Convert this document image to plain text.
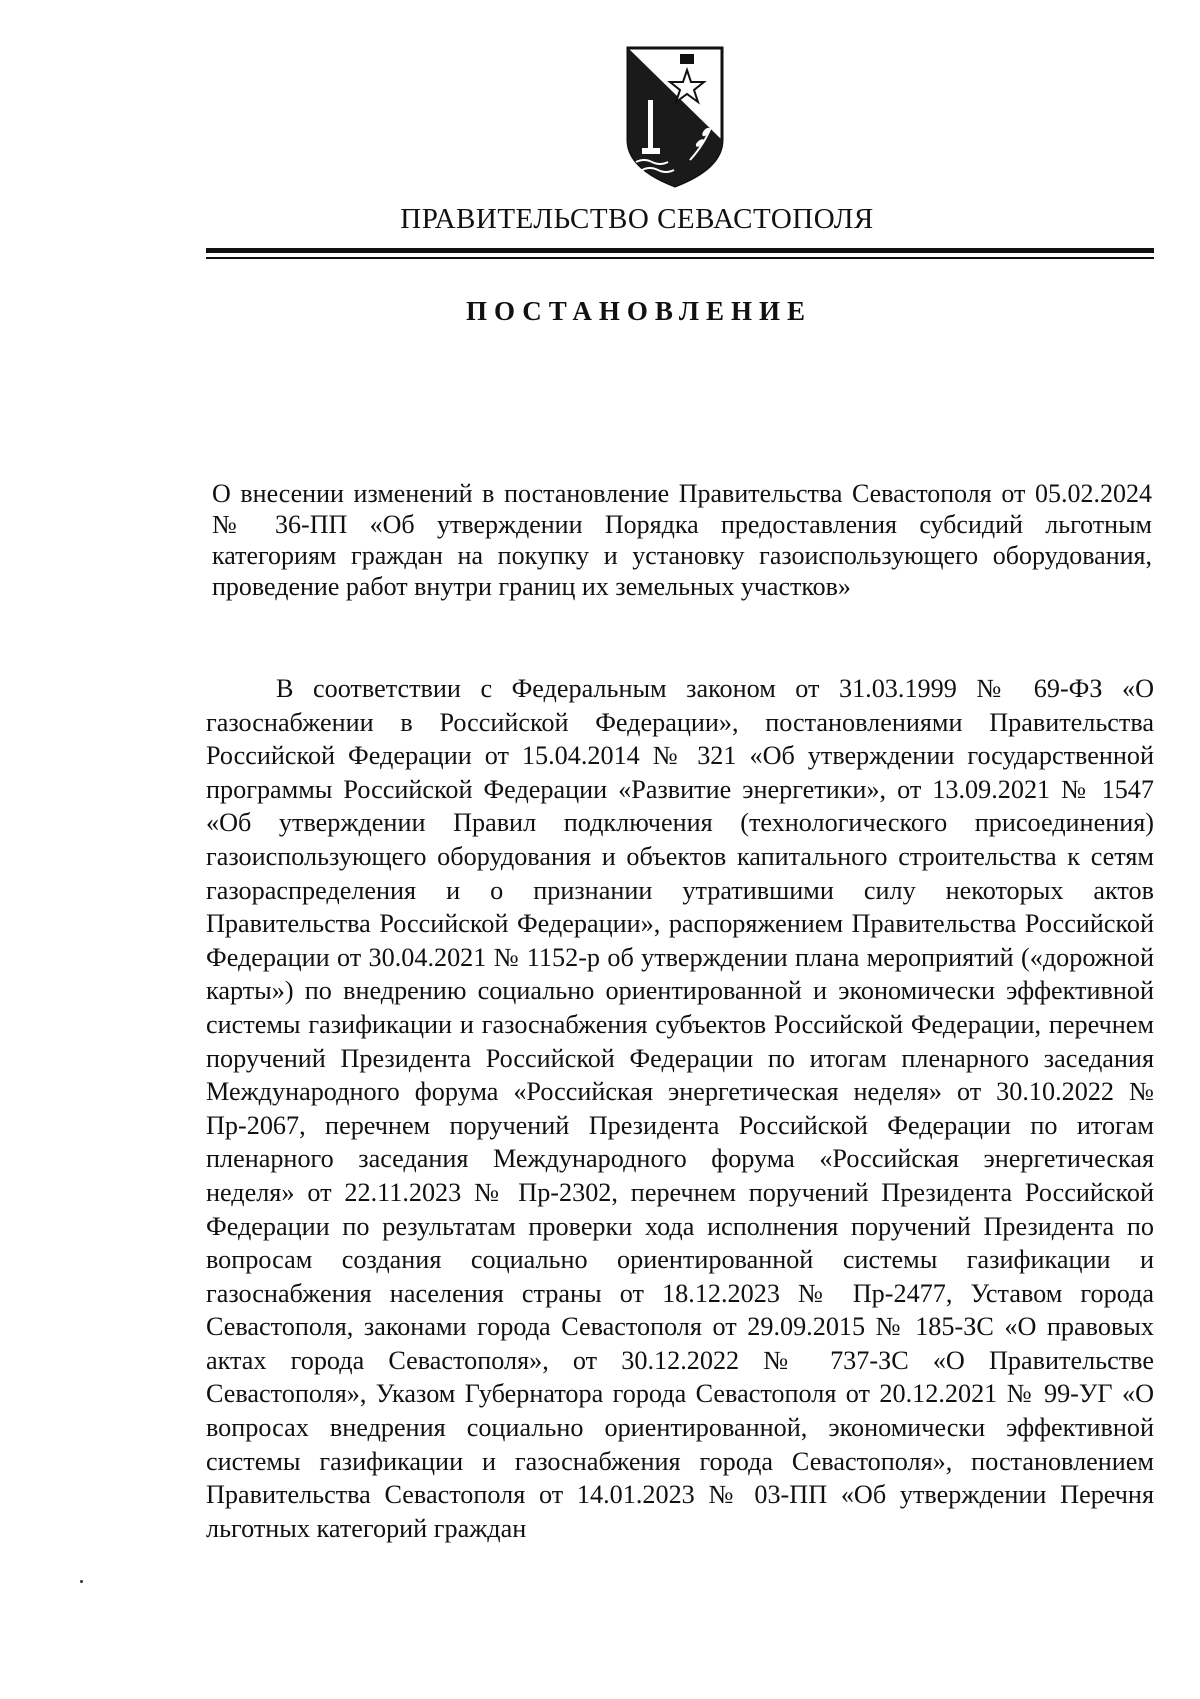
ПРАВИТЕЛЬСТВО СЕВАСТОПОЛЯ
ПОСТАНОВЛЕНИЕ
О внесении изменений в постановление Правительства Севастополя от 05.02.2024 № 36-ПП «Об утверждении Порядка предоставления субсидий льготным категориям граждан на покупку и установку газоиспользующего оборудования, проведение работ внутри границ их земельных участков»

В соответствии с Федеральным законом от 31.03.1999 № 69-ФЗ «О газоснабжении в Российской Федерации», постановлениями Правительства Российской Федерации от 15.04.2014 № 321 «Об утверждении государственной программы Российской Федерации «Развитие энергетики», от 13.09.2021 № 1547 «Об утверждении Правил подключения (технологического присоединения) газоиспользующего оборудования и объектов капитального строительства к сетям газораспределения и о признании утратившими силу некоторых актов Правительства Российской Федерации», распоряжением Правительства Российской Федерации от 30.04.2021 № 1152-р об утверждении плана мероприятий («дорожной карты») по внедрению социально ориентированной и экономически эффективной системы газификации и газоснабжения субъектов Российской Федерации, перечнем поручений Президента Российской Федерации по итогам пленарного заседания Международного форума «Российская энергетическая неделя» от 30.10.2022 № Пр-2067, перечнем поручений Президента Российской Федерации по итогам пленарного заседания Международного форума «Российская энергетическая неделя» от 22.11.2023 № Пр-2302, перечнем поручений Президента Российской Федерации по результатам проверки хода исполнения поручений Президента по вопросам создания социально ориентированной системы газификации и газоснабжения населения страны от 18.12.2023 № Пр-2477, Уставом города Севастополя, законами города Севастополя от 29.09.2015 № 185-ЗС «О правовых актах города Севастополя», от 30.12.2022 № 737-ЗС «О Правительстве Севастополя», Указом Губернатора города Севастополя от 20.12.2021 № 99-УГ «О вопросах внедрения социально ориентированной, экономически эффективной системы газификации и газоснабжения города Севастополя», постановлением Правительства Севастополя от 14.01.2023 № 03-ПП «Об утверждении Перечня льготных категорий граждан
